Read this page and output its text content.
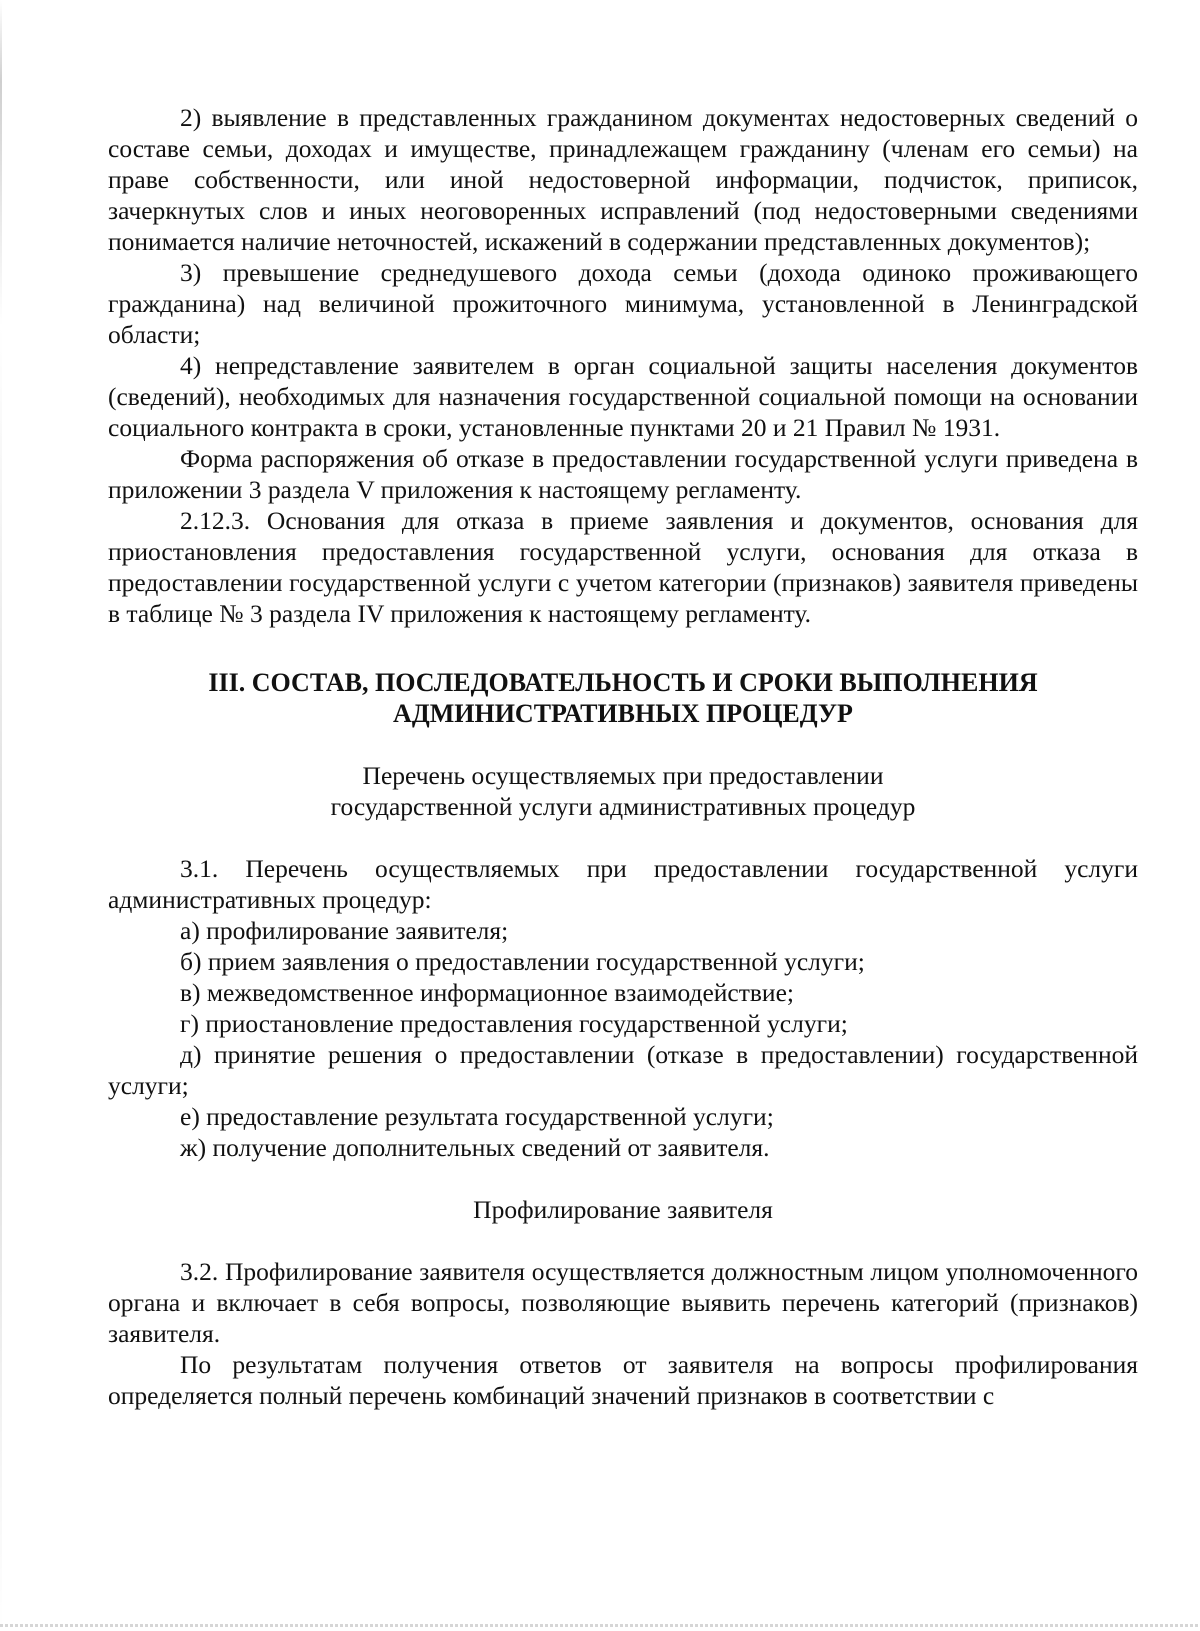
2) выявление в представленных гражданином документах недостоверных сведений о составе семьи, доходах и имуществе, принадлежащем гражданину (членам его семьи) на праве собственности, или иной недостоверной информации, подчисток, приписок, зачеркнутых слов и иных неоговоренных исправлений (под недостоверными сведениями понимается наличие неточностей, искажений в содержании представленных документов);

3) превышение среднедушевого дохода семьи (дохода одиноко проживающего гражданина) над величиной прожиточного минимума, установленной в Ленинградской области;

4) непредставление заявителем в орган социальной защиты населения документов (сведений), необходимых для назначения государственной социальной помощи на основании социального контракта в сроки, установленные пунктами 20 и 21 Правил № 1931.

Форма распоряжения об отказе в предоставлении государственной услуги приведена в приложении 3 раздела V приложения к настоящему регламенту.

2.12.3. Основания для отказа в приеме заявления и документов, основания для приостановления предоставления государственной услуги, основания для отказа в предоставлении государственной услуги с учетом категории (признаков) заявителя приведены в таблице № 3 раздела IV приложения к настоящему регламенту.

III. СОСТАВ, ПОСЛЕДОВАТЕЛЬНОСТЬ И СРОКИ ВЫПОЛНЕНИЯ
АДМИНИСТРАТИВНЫХ ПРОЦЕДУР
Перечень осуществляемых при предоставлении
государственной услуги административных процедур

3.1. Перечень осуществляемых при предоставлении государственной услуги административных процедур:

а) профилирование заявителя;

б) прием заявления о предоставлении государственной услуги;

в) межведомственное информационное взаимодействие;

г) приостановление предоставления государственной услуги;

д) принятие решения о предоставлении (отказе в предоставлении) государственной услуги;

е) предоставление результата государственной услуги;

ж) получение дополнительных сведений от заявителя.

Профилирование заявителя

3.2. Профилирование заявителя осуществляется должностным лицом уполномоченного органа и включает в себя вопросы, позволяющие выявить перечень категорий (признаков) заявителя.

По результатам получения ответов от заявителя на вопросы профилирования определяется полный перечень комбинаций значений признаков в соответствии с
